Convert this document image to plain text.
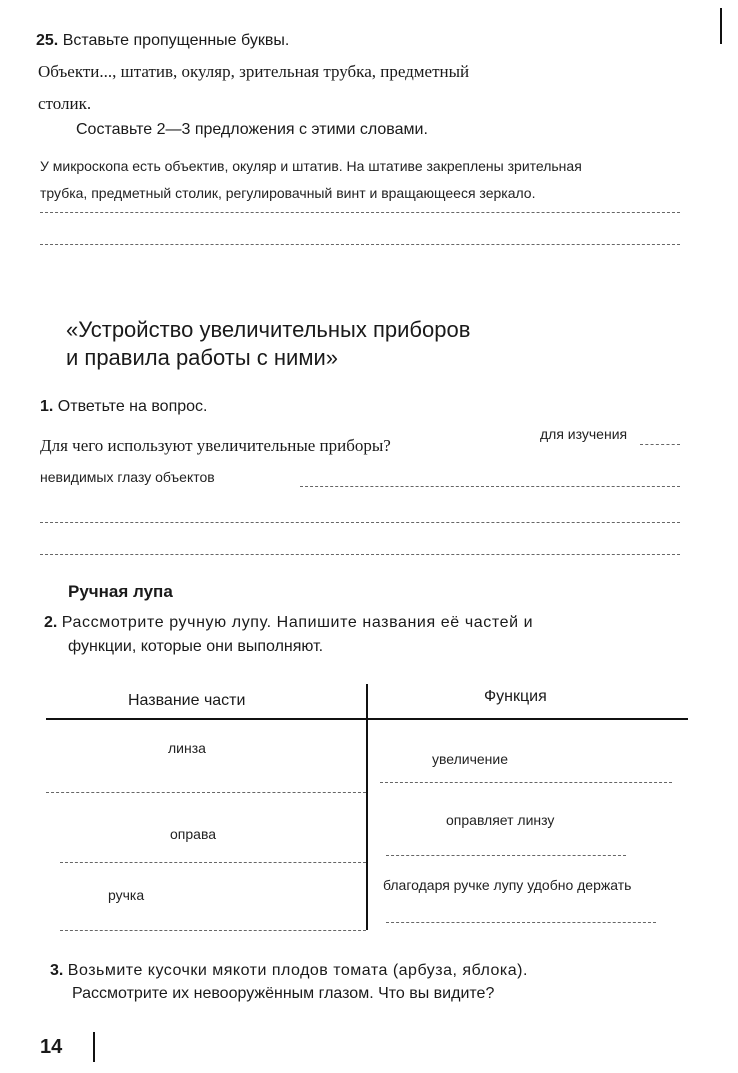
25. Вставьте пропущенные буквы.
Объекти..., штатив, окуляр, зрительная трубка, предметный
столик.
Составьте 2—3 предложения с этими словами.
У микроскопа есть объектив, окуляр и штатив. На штативе закреплены зрительная
трубка, предметный столик, регулировачный винт и вращающееся зеркало.
«Устройство увеличительных приборов
и правила работы с ними»
1. Ответьте на вопрос.
Для чего используют увеличительные приборы?
для изучения
невидимых глазу объектов
Ручная лупа
2. Рассмотрите ручную лупу. Напишите названия её частей и
функции, которые они выполняют.
Название части	Функция
линза
увеличение
оправа
оправляет линзу
ручка
благодаря ручке лупу удобно держать
3. Возьмите кусочки мякоти плодов томата (арбуза, яблока).
Рассмотрите их невооружённым глазом. Что вы видите?
14
